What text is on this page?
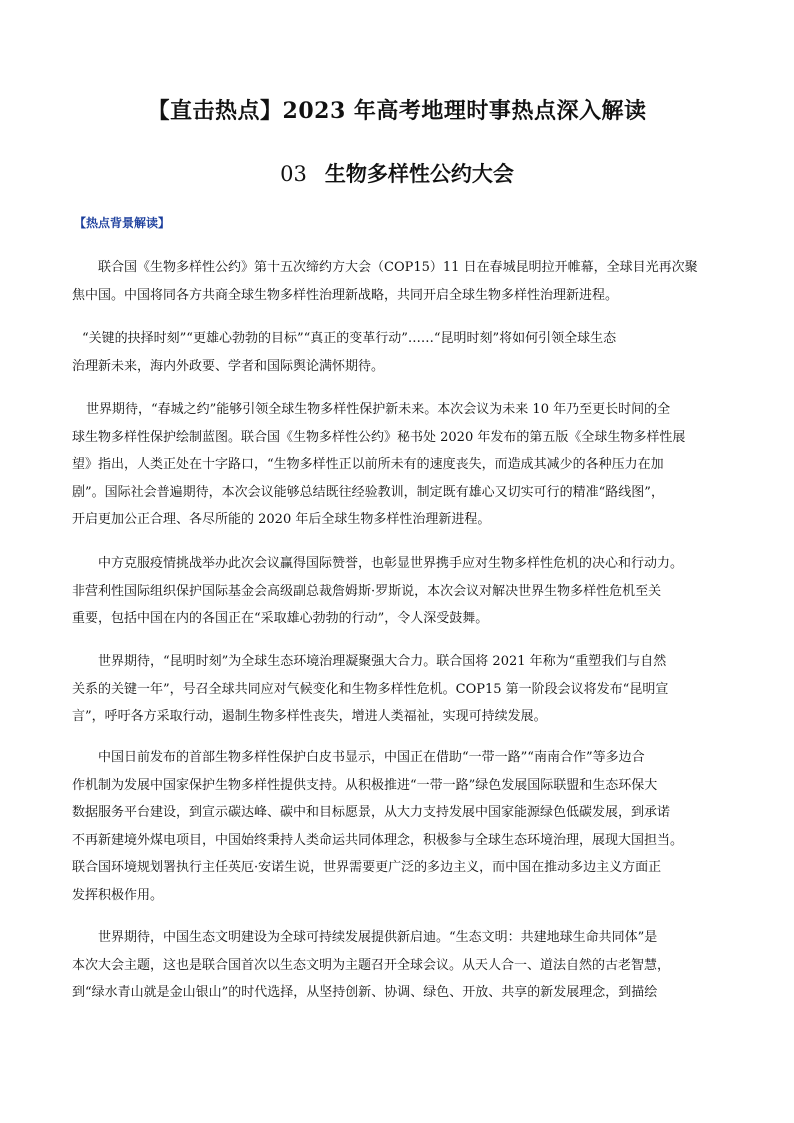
【直击热点】2023 年高考地理时事热点深入解读
03 生物多样性公约大会
【热点背景解读】
联合国《生物多样性公约》第十五次缔约方大会（COP15）11 日在春城昆明拉开帷幕，全球目光再次聚
焦中国。中国将同各方共商全球生物多样性治理新战略，共同开启全球生物多样性治理新进程。
“关键的抉择时刻”“更雄心勃勃的目标”“真正的变革行动”……“昆明时刻”将如何引领全球生态
治理新未来，海内外政要、学者和国际舆论满怀期待。
世界期待，“春城之约”能够引领全球生物多样性保护新未来。本次会议为未来 10 年乃至更长时间的全
球生物多样性保护绘制蓝图。联合国《生物多样性公约》秘书处 2020 年发布的第五版《全球生物多样性展
望》指出，人类正处在十字路口，“生物多样性正以前所未有的速度丧失，而造成其减少的各种压力在加
剧”。国际社会普遍期待，本次会议能够总结既往经验教训，制定既有雄心又切实可行的精准“路线图”，
开启更加公正合理、各尽所能的 2020 年后全球生物多样性治理新进程。
中方克服疫情挑战举办此次会议赢得国际赞誉，也彰显世界携手应对生物多样性危机的决心和行动力。
非营利性国际组织保护国际基金会高级副总裁詹姆斯·罗斯说，本次会议对解决世界生物多样性危机至关
重要，包括中国在内的各国正在“采取雄心勃勃的行动”，令人深受鼓舞。
世界期待，“昆明时刻”为全球生态环境治理凝聚强大合力。联合国将 2021 年称为“重塑我们与自然
关系的关键一年”，号召全球共同应对气候变化和生物多样性危机。COP15 第一阶段会议将发布“昆明宣
言”，呼吁各方采取行动，遏制生物多样性丧失，增进人类福祉，实现可持续发展。
中国日前发布的首部生物多样性保护白皮书显示，中国正在借助“一带一路”“南南合作”等多边合
作机制为发展中国家保护生物多样性提供支持。从积极推进“一带一路”绿色发展国际联盟和生态环保大
数据服务平台建设，到宣示碳达峰、碳中和目标愿景，从大力支持发展中国家能源绿色低碳发展，到承诺
不再新建境外煤电项目，中国始终秉持人类命运共同体理念，积极参与全球生态环境治理，展现大国担当。
联合国环境规划署执行主任英厄·安诺生说，世界需要更广泛的多边主义，而中国在推动多边主义方面正
发挥积极作用。
世界期待，中国生态文明建设为全球可持续发展提供新启迪。“生态文明：共建地球生命共同体”是
本次大会主题，这也是联合国首次以生态文明为主题召开全球会议。从天人合一、道法自然的古老智慧，
到“绿水青山就是金山银山”的时代选择，从坚持创新、协调、绿色、开放、共享的新发展理念，到描绘
